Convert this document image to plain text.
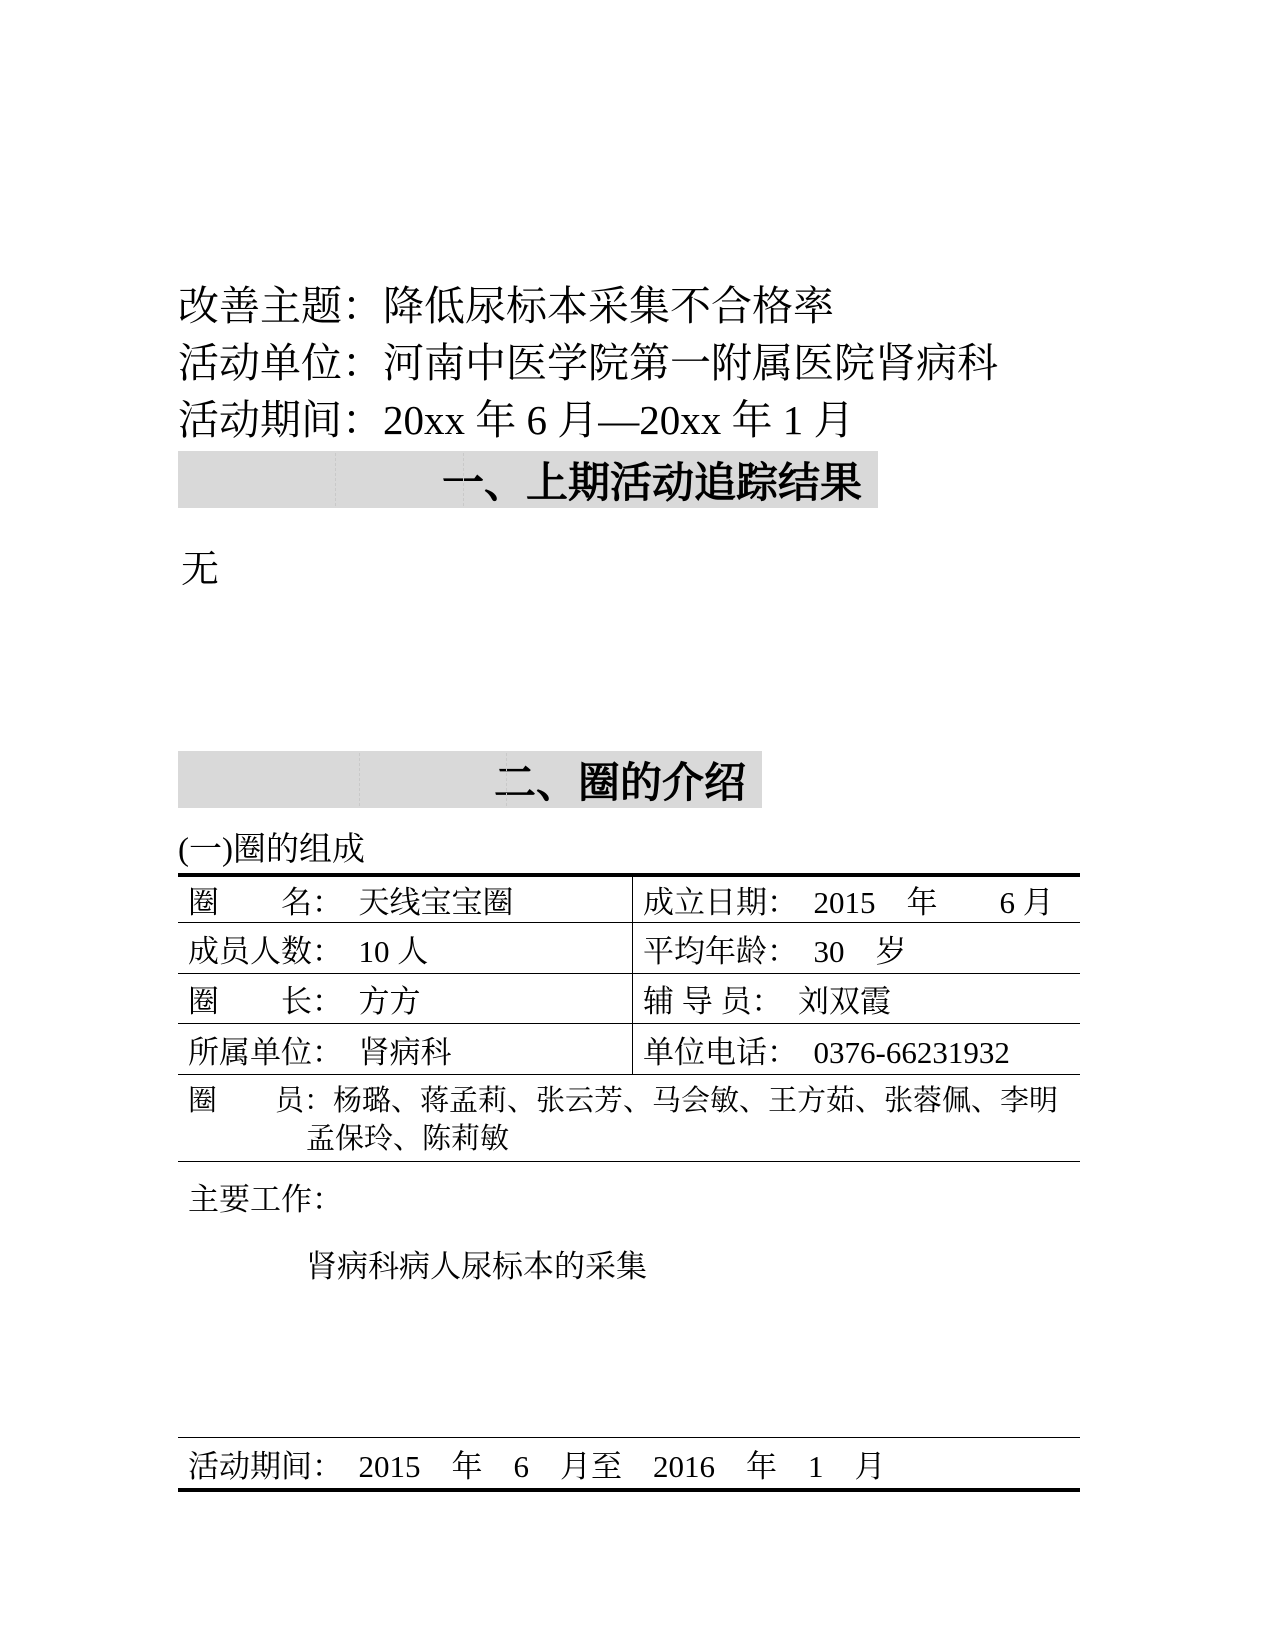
改善主题：降低尿标本采集不合格率
活动单位：河南中医学院第一附属医院肾病科
活动期间：20xx 年 6 月—20xx 年 1 月
一、上期活动追踪结果
无
二、圈的介绍
(一)圈的组成
圈　　名：　天线宝宝圈	成立日期：　2015　年　　6 月
成员人数：　10 人	平均年龄：　30　岁
圈　　长：　方方	辅 导 员：　刘双霞
所属单位：　肾病科	单位电话：　0376-66231932
圈　　员：杨璐、蒋孟莉、张云芳、马会敏、王方茹、张蓉佩、李明
孟保玲、陈莉敏
主要工作：
肾病科病人尿标本的采集
活动期间：　2015　年　6　月至　2016　年　1　月
